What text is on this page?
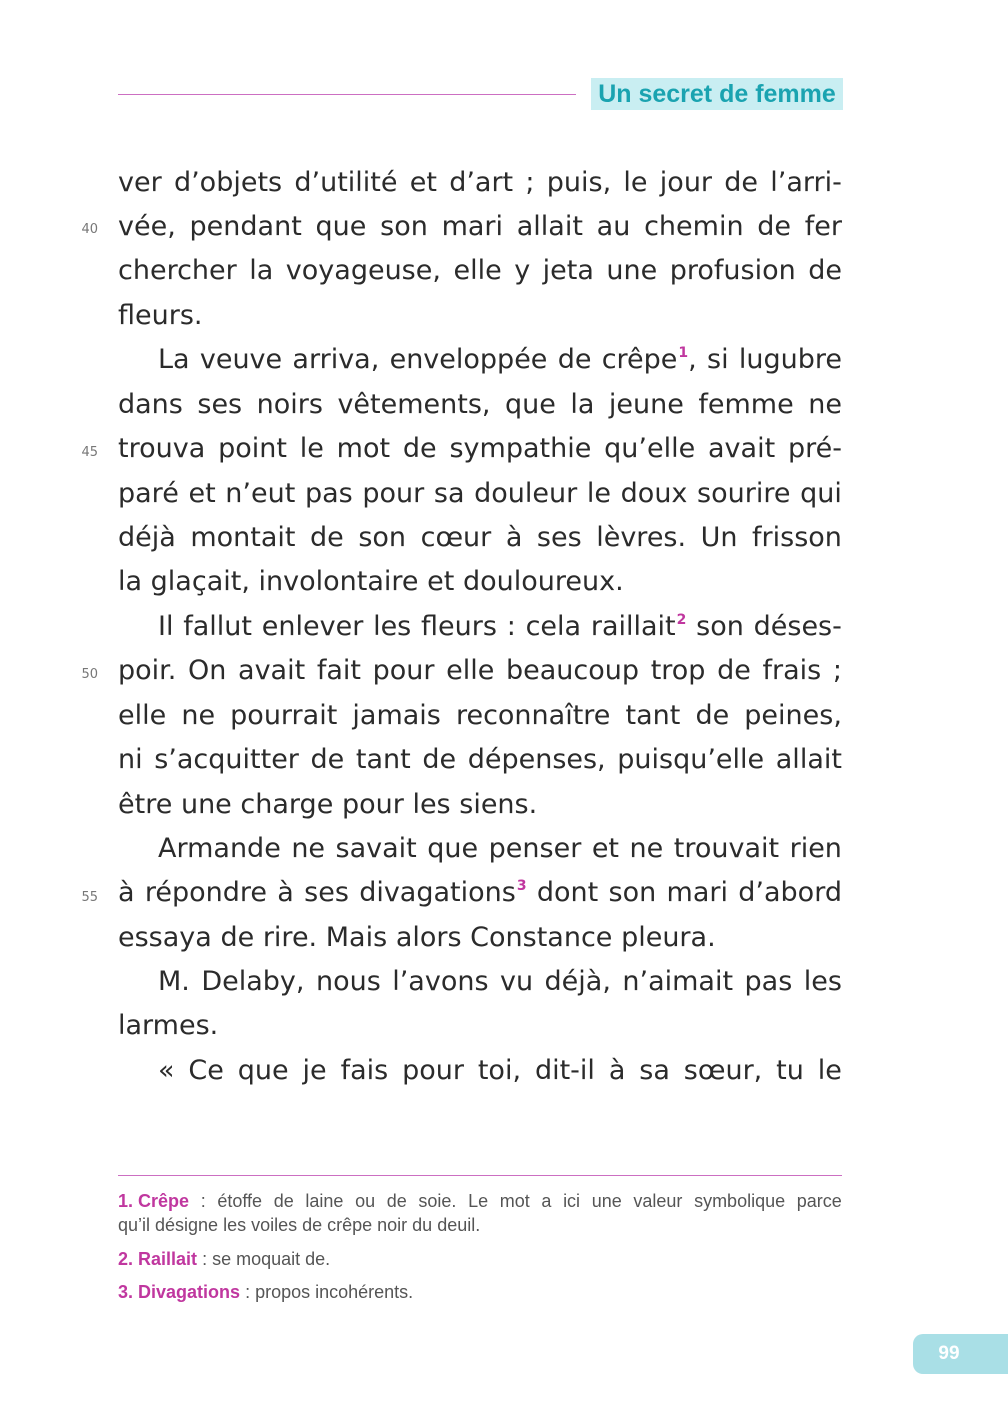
Un secret de femme
ver d’objets d’utilité et d’art ; puis, le jour de l’arri-
vée, pendant que son mari allait au chemin de fer
chercher la voyageuse, elle y jeta une profusion de
fleurs.
La veuve arriva, enveloppée de crêpe$^1$, si lugubre
dans ses noirs vêtements, que la jeune femme ne
trouva point le mot de sympathie qu’elle avait pré-
paré et n’eut pas pour sa douleur le doux sourire qui
déjà montait de son cœur à ses lèvres. Un frisson
la glaçait, involontaire et douloureux.
Il fallut enlever les fleurs : cela raillait$^2$ son déses-
poir. On avait fait pour elle beaucoup trop de frais ;
elle ne pourrait jamais reconnaître tant de peines,
ni s’acquitter de tant de dépenses, puisqu’elle allait
être une charge pour les siens.
Armande ne savait que penser et ne trouvait rien
à répondre à ses divagations$^3$ dont son mari d’abord
essaya de rire. Mais alors Constance pleura.
M. Delaby, nous l’avons vu déjà, n’aimait pas les
larmes.
« Ce que je fais pour toi, dit-il à sa sœur, tu le
40
45
50
55
1. Crêpe : étoffe de laine ou de soie. Le mot a ici une valeur symbolique parce
qu’il désigne les voiles de crêpe noir du deuil.
2. Raillait : se moquait de.
3. Divagations : propos incohérents.
99
